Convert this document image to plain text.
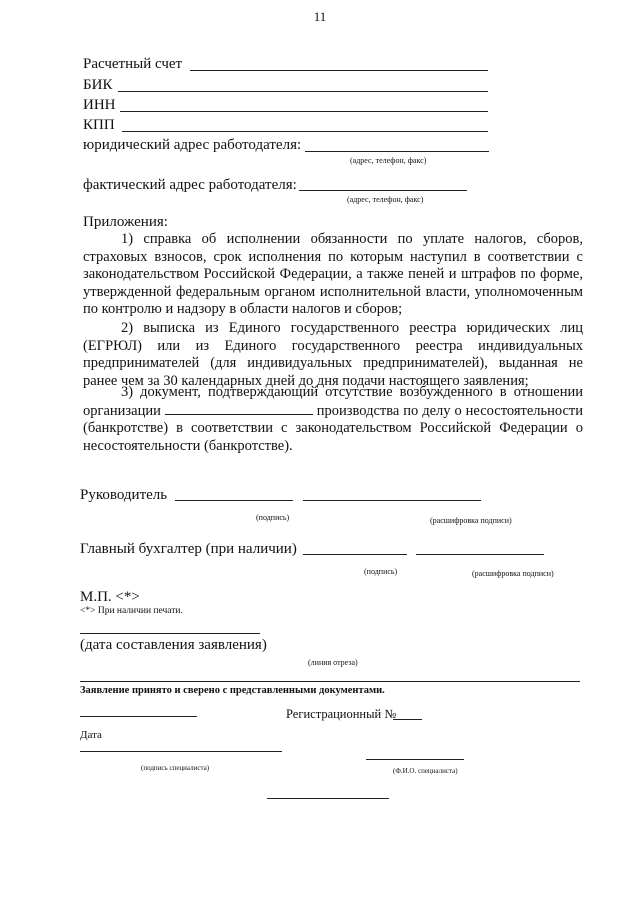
11
Расчетный счет
БИК
ИНН
КПП
юридический адрес работодателя:
(адрес, телефон, факс)
фактический адрес работодателя:
(адрес, телефон, факс)
Приложения:
1) справка об исполнении обязанности по уплате налогов, сборов, страховых взносов, срок исполнения по которым наступил в соответствии с законодательством Российской Федерации, а также пеней и штрафов по форме, утвержденной федеральным органом исполнительной власти, уполномоченным по контролю и надзору в области налогов и сборов;
2) выписка из Единого государственного реестра юридических лиц (ЕГРЮЛ) или из Единого государственного реестра индивидуальных предпринимателей (для индивидуальных предпринимателей), выданная не ранее чем за 30 календарных дней до дня подачи настоящего заявления;
3) документ, подтверждающий отсутствие возбужденного в отношении организации	производства по делу о несостоятельности (банкротстве) в соответствии с законодательством Российской Федерации о несостоятельности (банкротстве).
Руководитель
(подпись)	(расшифровка подписи)
Главный бухгалтер (при наличии)
(подпись)	(расшифровка подписи)
М.П. <*>
<*> При наличии печати.
(дата составления заявления)
(линия отреза)
Заявление принято и сверено с представленными документами.
Регистрационный №
Дата
(подпись специалиста)	(Ф.И.О. специалиста)
